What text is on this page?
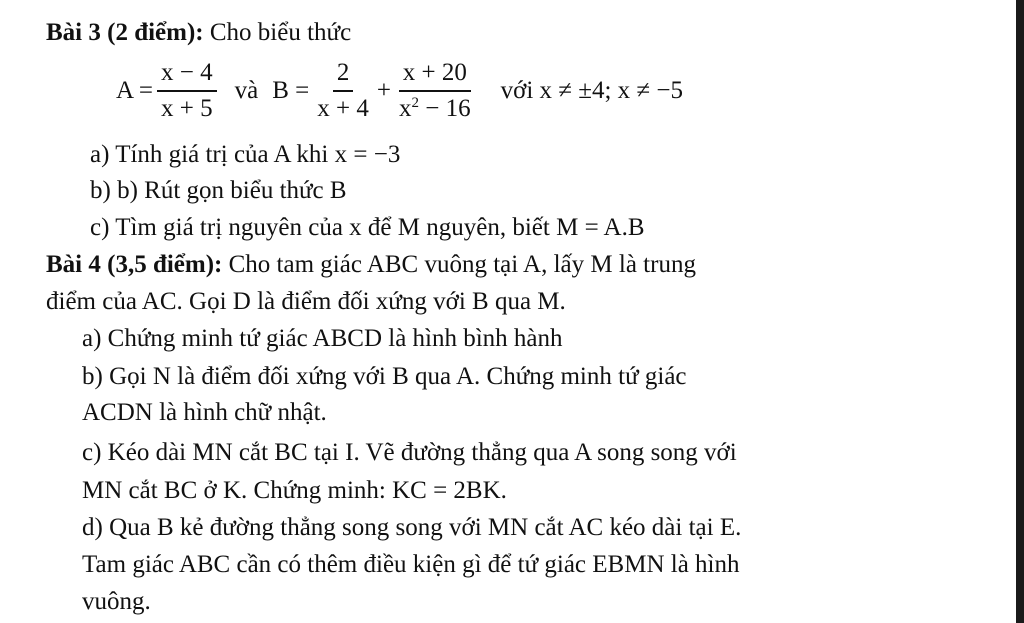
Bài 3 (2 điểm): Cho biểu thức
$A = \frac{x - 4}{x + 5}$ và $B = \frac{2}{x + 4} + \frac{x + 20}{x^2 - 16}$ với x ≠ ±4; x ≠ −5
a) Tính giá trị của A khi x = −3
b) b) Rút gọn biểu thức B
c) Tìm giá trị nguyên của x để M nguyên, biết M = A.B
Bài 4 (3,5 điểm): Cho tam giác ABC vuông tại A, lấy M là trung
điểm của AC. Gọi D là điểm đối xứng với B qua M.
a) Chứng minh tứ giác ABCD là hình bình hành
b) Gọi N là điểm đối xứng với B qua A. Chứng minh tứ giác
ACDN là hình chữ nhật.
c) Kéo dài MN cắt BC tại I. Vẽ đường thẳng qua A song song với
MN cắt BC ở K. Chứng minh: KC = 2BK.
d) Qua B kẻ đường thẳng song song với MN cắt AC kéo dài tại E.
Tam giác ABC cần có thêm điều kiện gì để tứ giác EBMN là hình
vuông.
